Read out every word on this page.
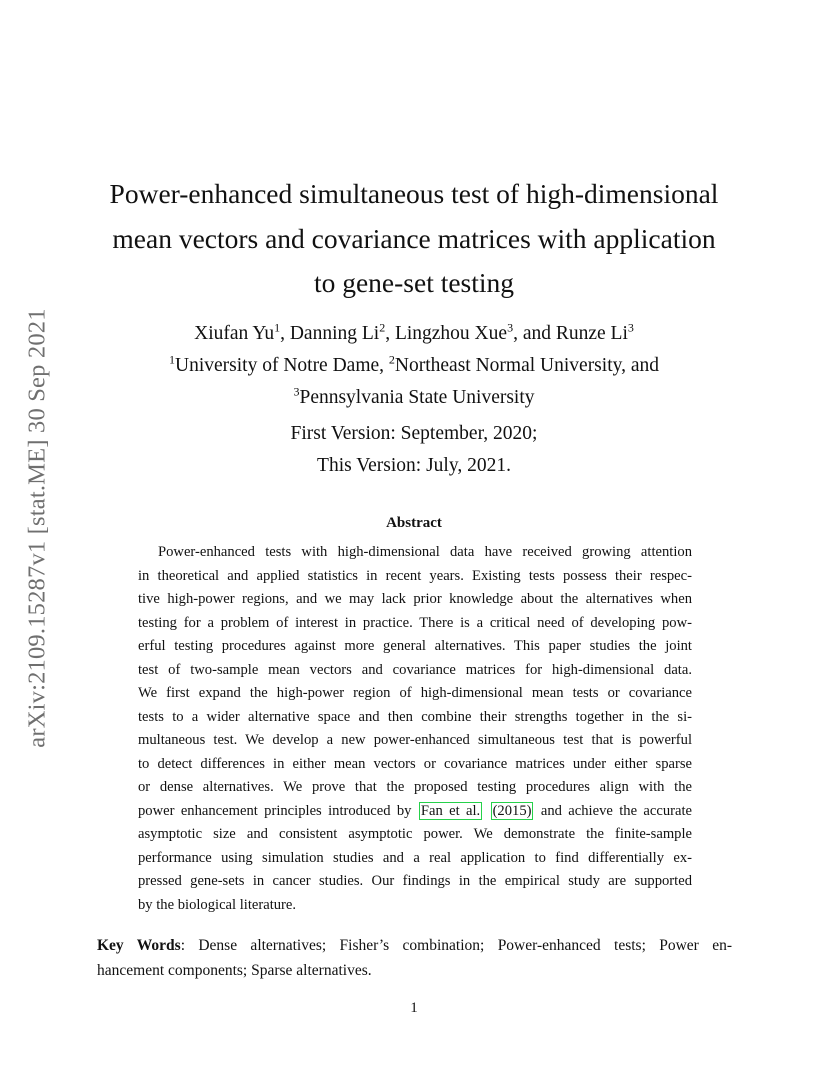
arXiv:2109.15287v1 [stat.ME] 30 Sep 2021
Power-enhanced simultaneous test of high-dimensional
mean vectors and covariance matrices with application
to gene-set testing
Xiufan Yu$^1$, Danning Li$^2$, Lingzhou Xue$^3$, and Runze Li$^3$
$^1$University of Notre Dame, $^2$Northeast Normal University, and
$^3$Pennsylvania State University
First Version: September, 2020;
This Version: July, 2021.
Abstract
Power-enhanced tests with high-dimensional data have received growing attention
in theoretical and applied statistics in recent years. Existing tests possess their respec-
tive high-power regions, and we may lack prior knowledge about the alternatives when
testing for a problem of interest in practice. There is a critical need of developing pow-
erful testing procedures against more general alternatives. This paper studies the joint
test of two-sample mean vectors and covariance matrices for high-dimensional data.
We first expand the high-power region of high-dimensional mean tests or covariance
tests to a wider alternative space and then combine their strengths together in the si-
multaneous test. We develop a new power-enhanced simultaneous test that is powerful
to detect differences in either mean vectors or covariance matrices under either sparse
or dense alternatives. We prove that the proposed testing procedures align with the
power enhancement principles introduced by Fan et al. (2015) and achieve the accurate
asymptotic size and consistent asymptotic power. We demonstrate the finite-sample
performance using simulation studies and a real application to find differentially ex-
pressed gene-sets in cancer studies. Our findings in the empirical study are supported
by the biological literature.
Key Words: Dense alternatives; Fisher’s combination; Power-enhanced tests; Power en-
hancement components; Sparse alternatives.
1
